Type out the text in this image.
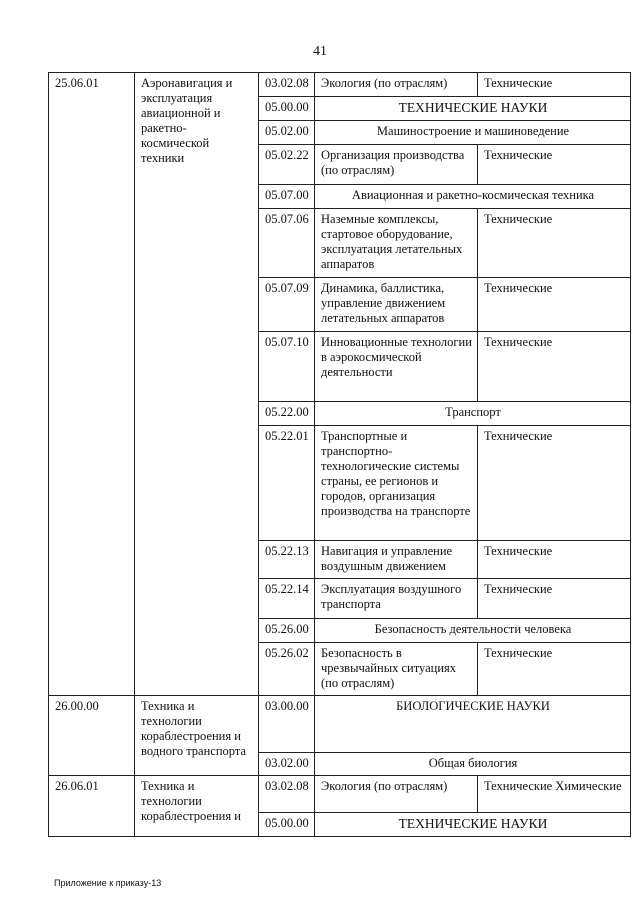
41
25.06.01	Аэронавигация и эксплуатация авиационной и ракетно-космической техники	03.02.08	Экология (по отраслям)	Технические
		05.00.00	ТЕХНИЧЕСКИЕ НАУКИ	
		05.02.00	Машиностроение и машиноведение	
		05.02.22	Организация производства (по отраслям)	Технические
		05.07.00	Авиационная и ракетно-космическая техника	
		05.07.06	Наземные комплексы, стартовое оборудование, эксплуатация летательных аппаратов	Технические
		05.07.09	Динамика, баллистика, управление движением летательных аппаратов	Технические
		05.07.10	Инновационные технологии в аэрокосмической деятельности	Технические
		05.22.00	Транспорт	
		05.22.01	Транспортные и транспортно-технологические системы страны, ее регионов и городов, организация производства на транспорте	Технические
		05.22.13	Навигация и управление воздушным движением	Технические
		05.22.14	Эксплуатация воздушного транспорта	Технические
		05.26.00	Безопасность деятельности человека	
		05.26.02	Безопасность в чрезвычайных ситуациях (по отраслям)	Технические
26.00.00	Техника и технологии кораблестроения и водного транспорта	03.00.00	БИОЛОГИЧЕСКИЕ НАУКИ	
		03.02.00	Общая биология	
26.06.01	Техника и технологии кораблестроения и	03.02.08	Экология (по отраслям)	Технические Химические
		05.00.00	ТЕХНИЧЕСКИЕ НАУКИ	
Приложение к приказу-13
